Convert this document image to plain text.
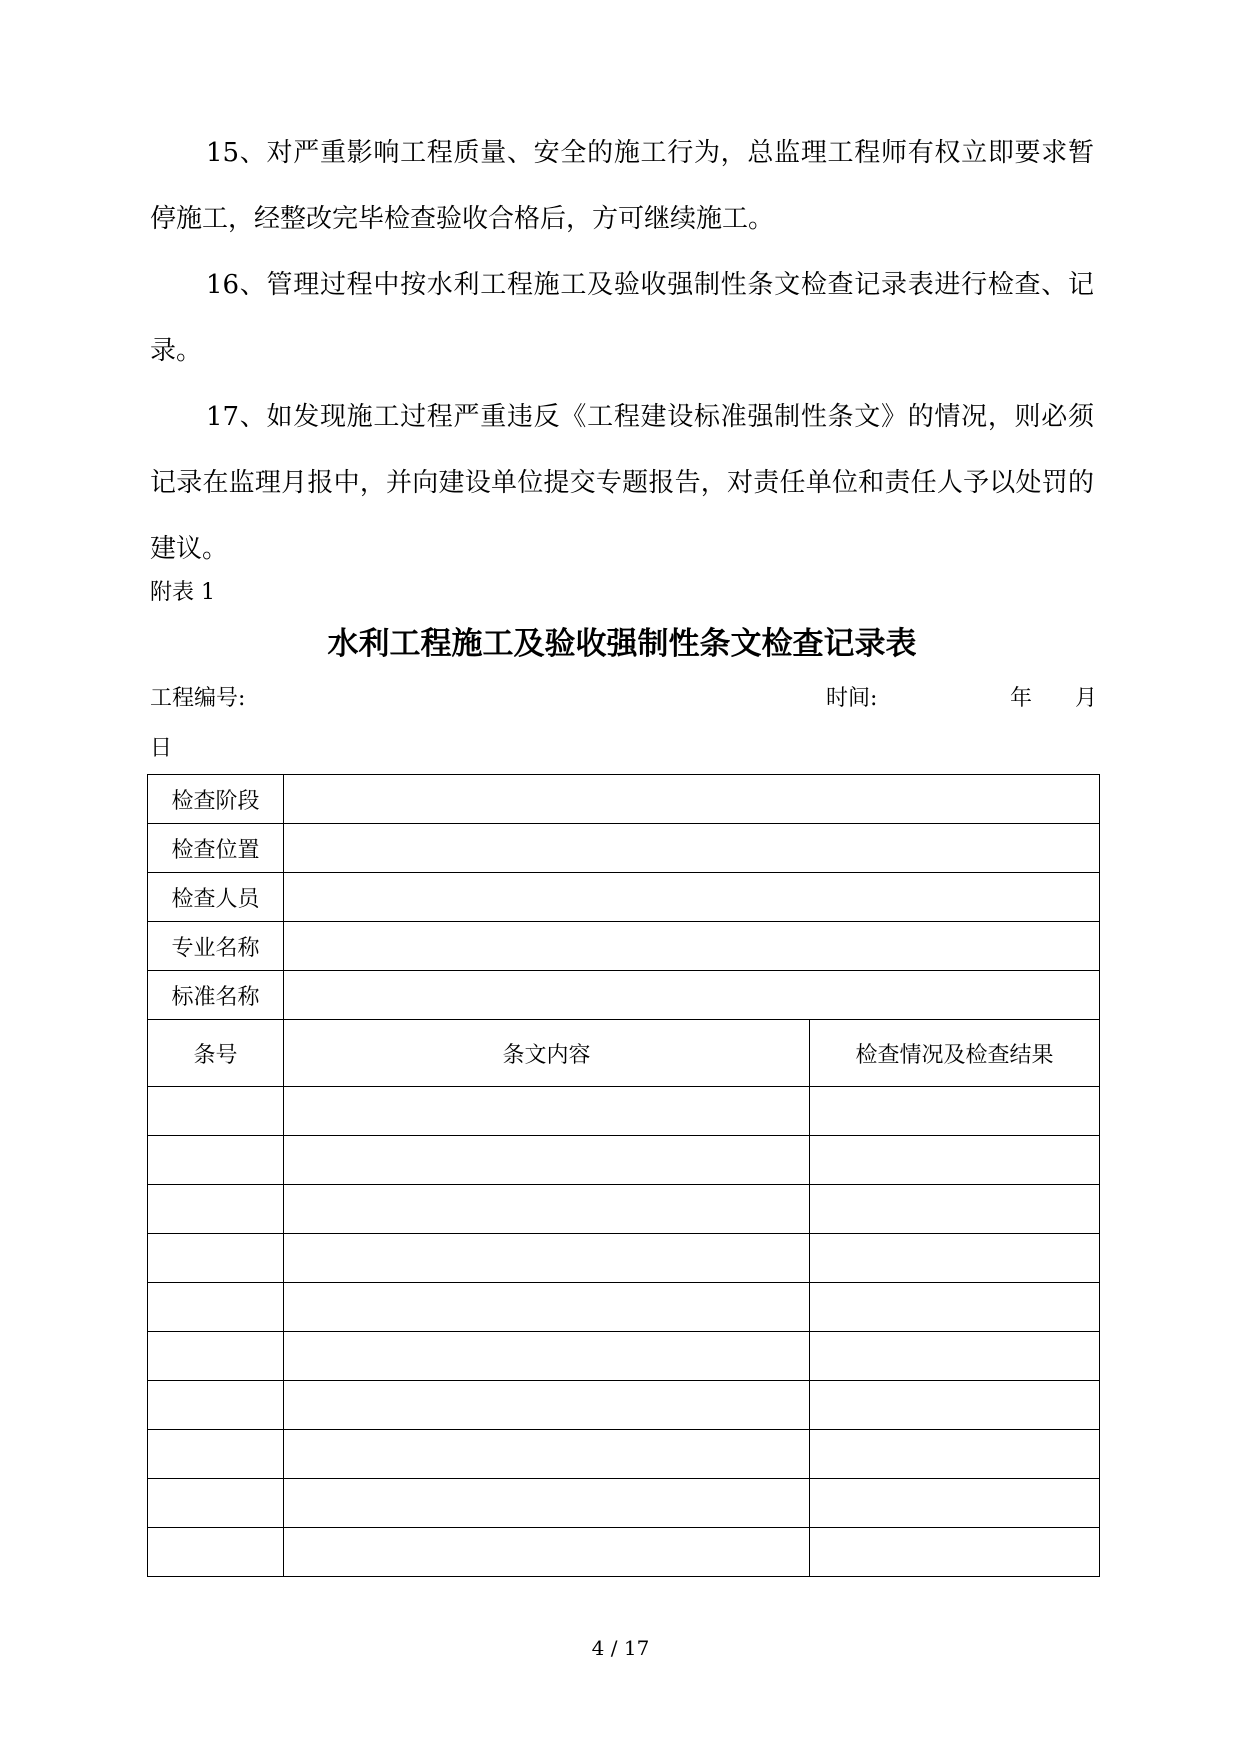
15、对严重影响工程质量、安全的施工行为，总监理工程师有权立即要求暂停施工，经整改完毕检查验收合格后，方可继续施工。

16、管理过程中按水利工程施工及验收强制性条文检查记录表进行检查、记录。

17、如发现施工过程严重违反《工程建设标准强制性条文》的情况，则必须记录在监理月报中，并向建设单位提交专题报告，对责任单位和责任人予以处罚的建议。

附表 1
水利工程施工及验收强制性条文检查记录表
工程编号:	时间:	年 月
日
检查阶段		
检查位置		
检查人员		
专业名称		
标准名称		
条号	条文内容	检查情况及检查结果

4 / 17
